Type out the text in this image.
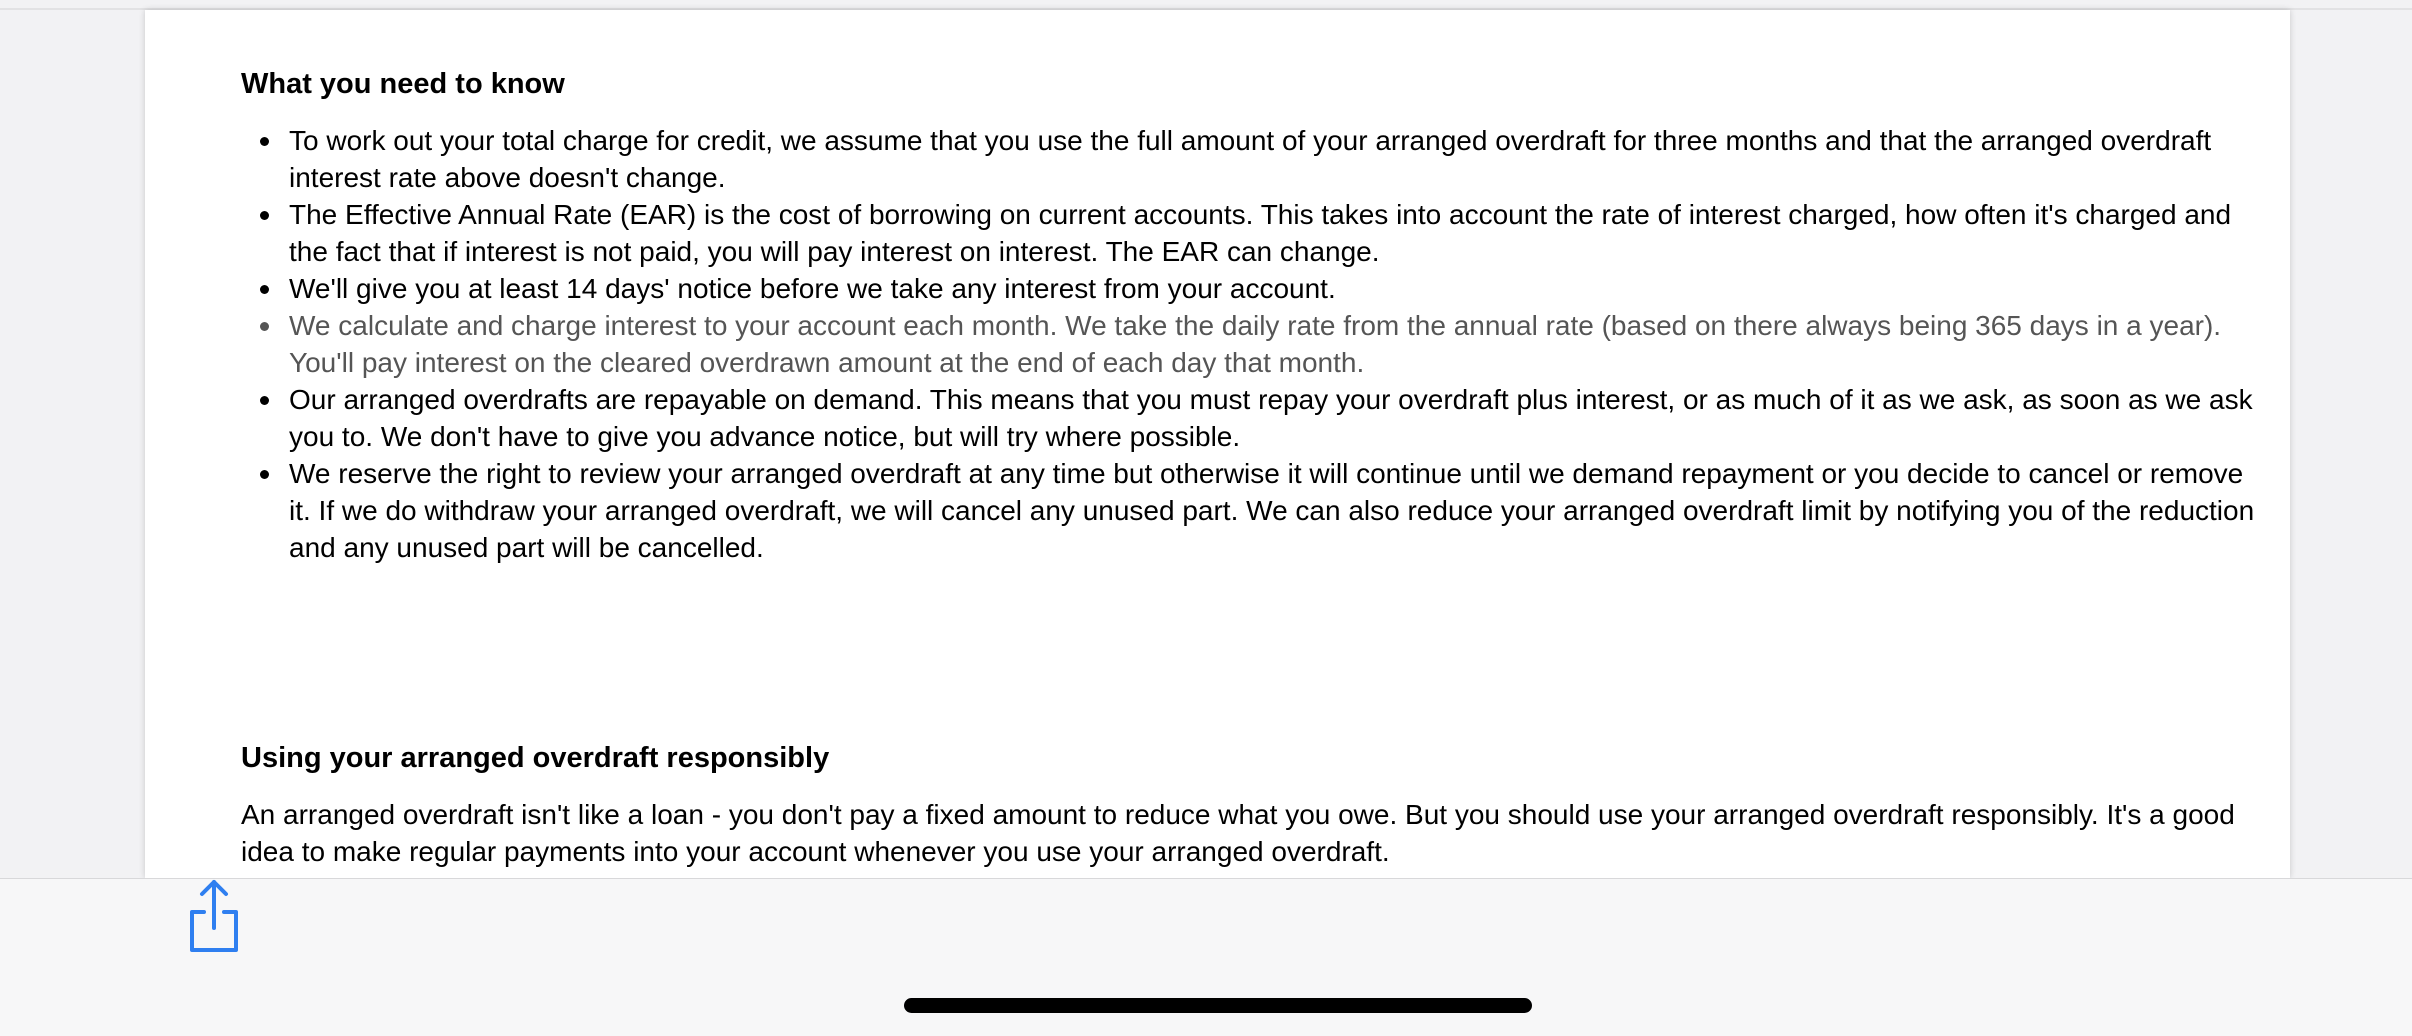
What you need to know
To work out your total charge for credit, we assume that you use the full amount of your arranged overdraft for three months and that the arranged overdraft interest rate above doesn't change.
The Effective Annual Rate (EAR) is the cost of borrowing on current accounts. This takes into account the rate of interest charged, how often it's charged and the fact that if interest is not paid, you will pay interest on interest. The EAR can change.
We'll give you at least 14 days' notice before we take any interest from your account.
We calculate and charge interest to your account each month. We take the daily rate from the annual rate (based on there always being 365 days in a year). You'll pay interest on the cleared overdrawn amount at the end of each day that month.
Our arranged overdrafts are repayable on demand. This means that you must repay your overdraft plus interest, or as much of it as we ask, as soon as we ask you to. We don't have to give you advance notice, but will try where possible.
We reserve the right to review your arranged overdraft at any time but otherwise it will continue until we demand repayment or you decide to cancel or remove it. If we do withdraw your arranged overdraft, we will cancel any unused part. We can also reduce your arranged overdraft limit by notifying you of the reduction and any unused part will be cancelled.
Using your arranged overdraft responsibly

An arranged overdraft isn't like a loan - you don't pay a fixed amount to reduce what you owe. But you should use your arranged overdraft responsibly. It's a good idea to make regular payments into your account whenever you use your arranged overdraft.
